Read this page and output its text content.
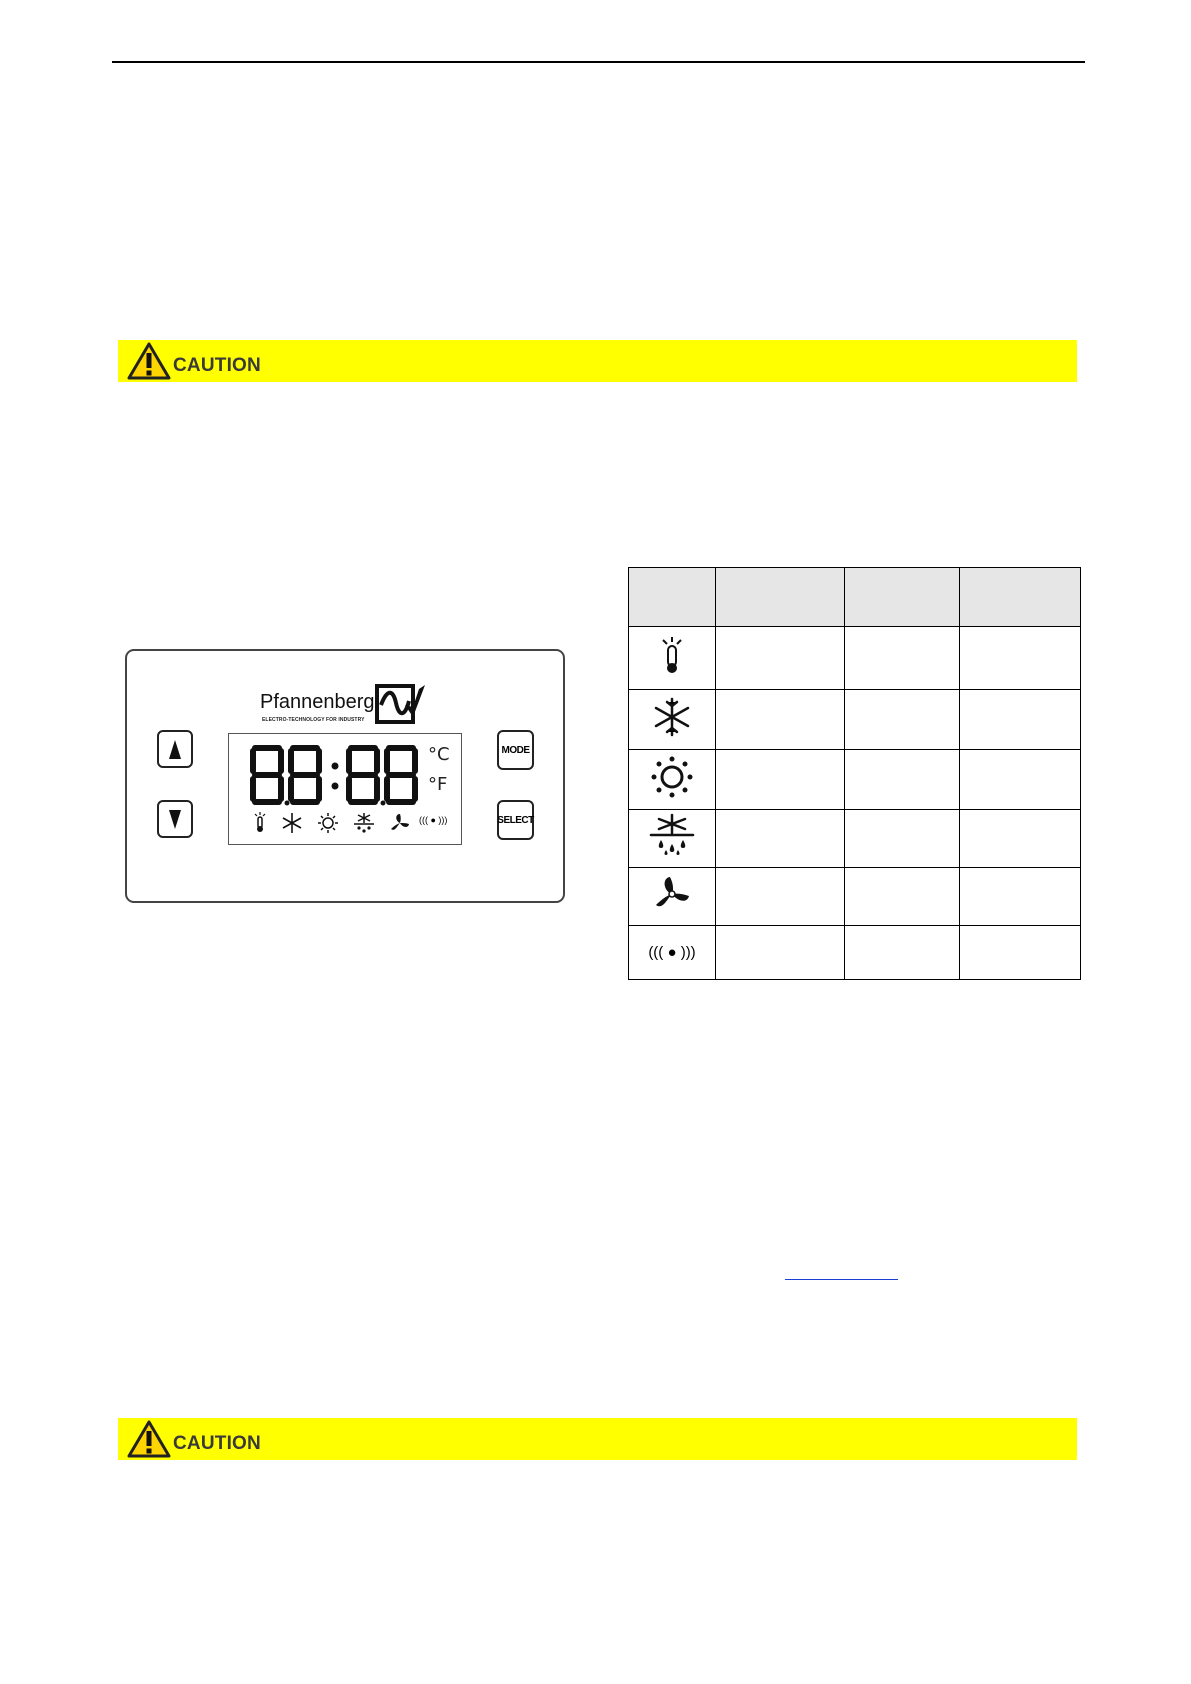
CAUTION
Pfannenberg
ELECTRO-TECHNOLOGY FOR INDUSTRY
MODE
SELECT
°C
°F
((( ● )))

((( ● )))			
CAUTION
